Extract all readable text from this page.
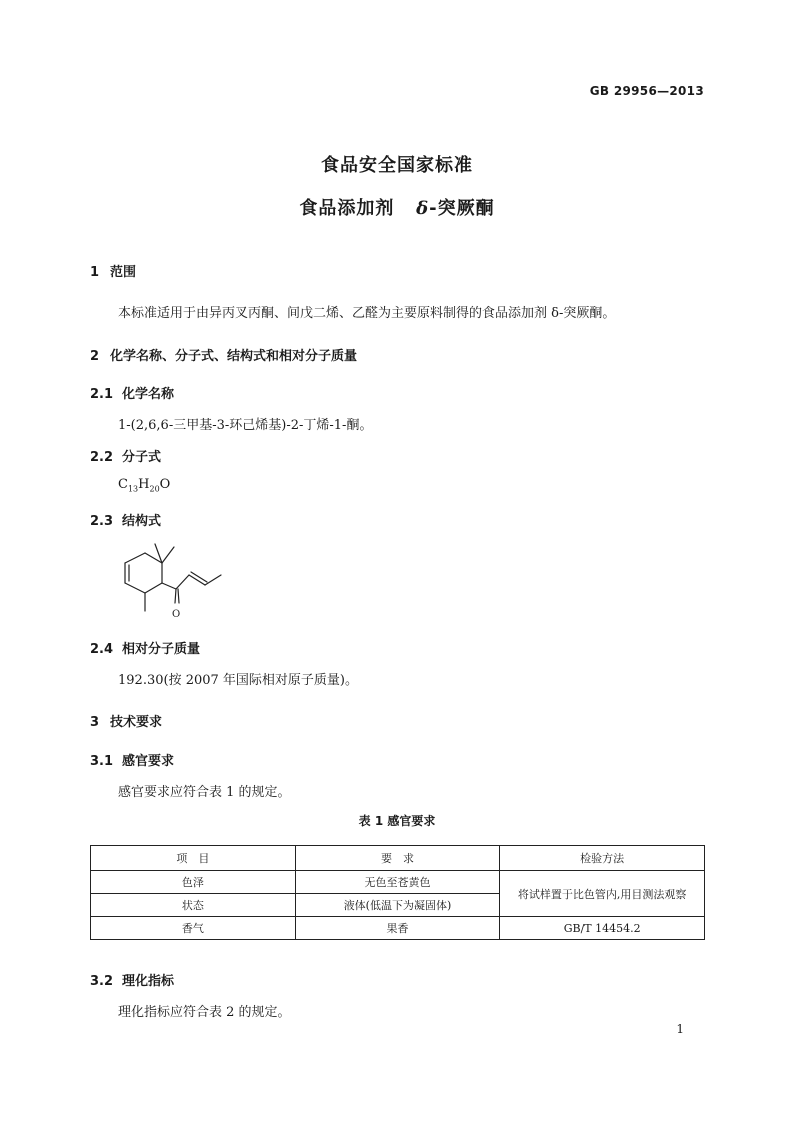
GB 29956—2013
食品安全国家标准
食品添加剂 δ-突厥酮
1 范围
本标准适用于由异丙叉丙酮、间戊二烯、乙醛为主要原料制得的食品添加剂 δ-突厥酮。
2 化学名称、分子式、结构式和相对分子质量
2.1 化学名称
1-(2,6,6-三甲基-3-环己烯基)-2-丁烯-1-酮。
2.2 分子式
$C_{13}H_{20}O$
2.3 结构式
O
2.4 相对分子质量
192.30(按 2007 年国际相对原子质量)。
3 技术要求
3.1 感官要求
感官要求应符合表 1 的规定。
表 1 感官要求
项　目	要　求	检验方法
色泽	无色至苍黄色	将试样置于比色管内,用目测法观察
状态	液体(低温下为凝固体)	
香气	果香	GB/T 14454.2
3.2 理化指标
理化指标应符合表 2 的规定。
1
